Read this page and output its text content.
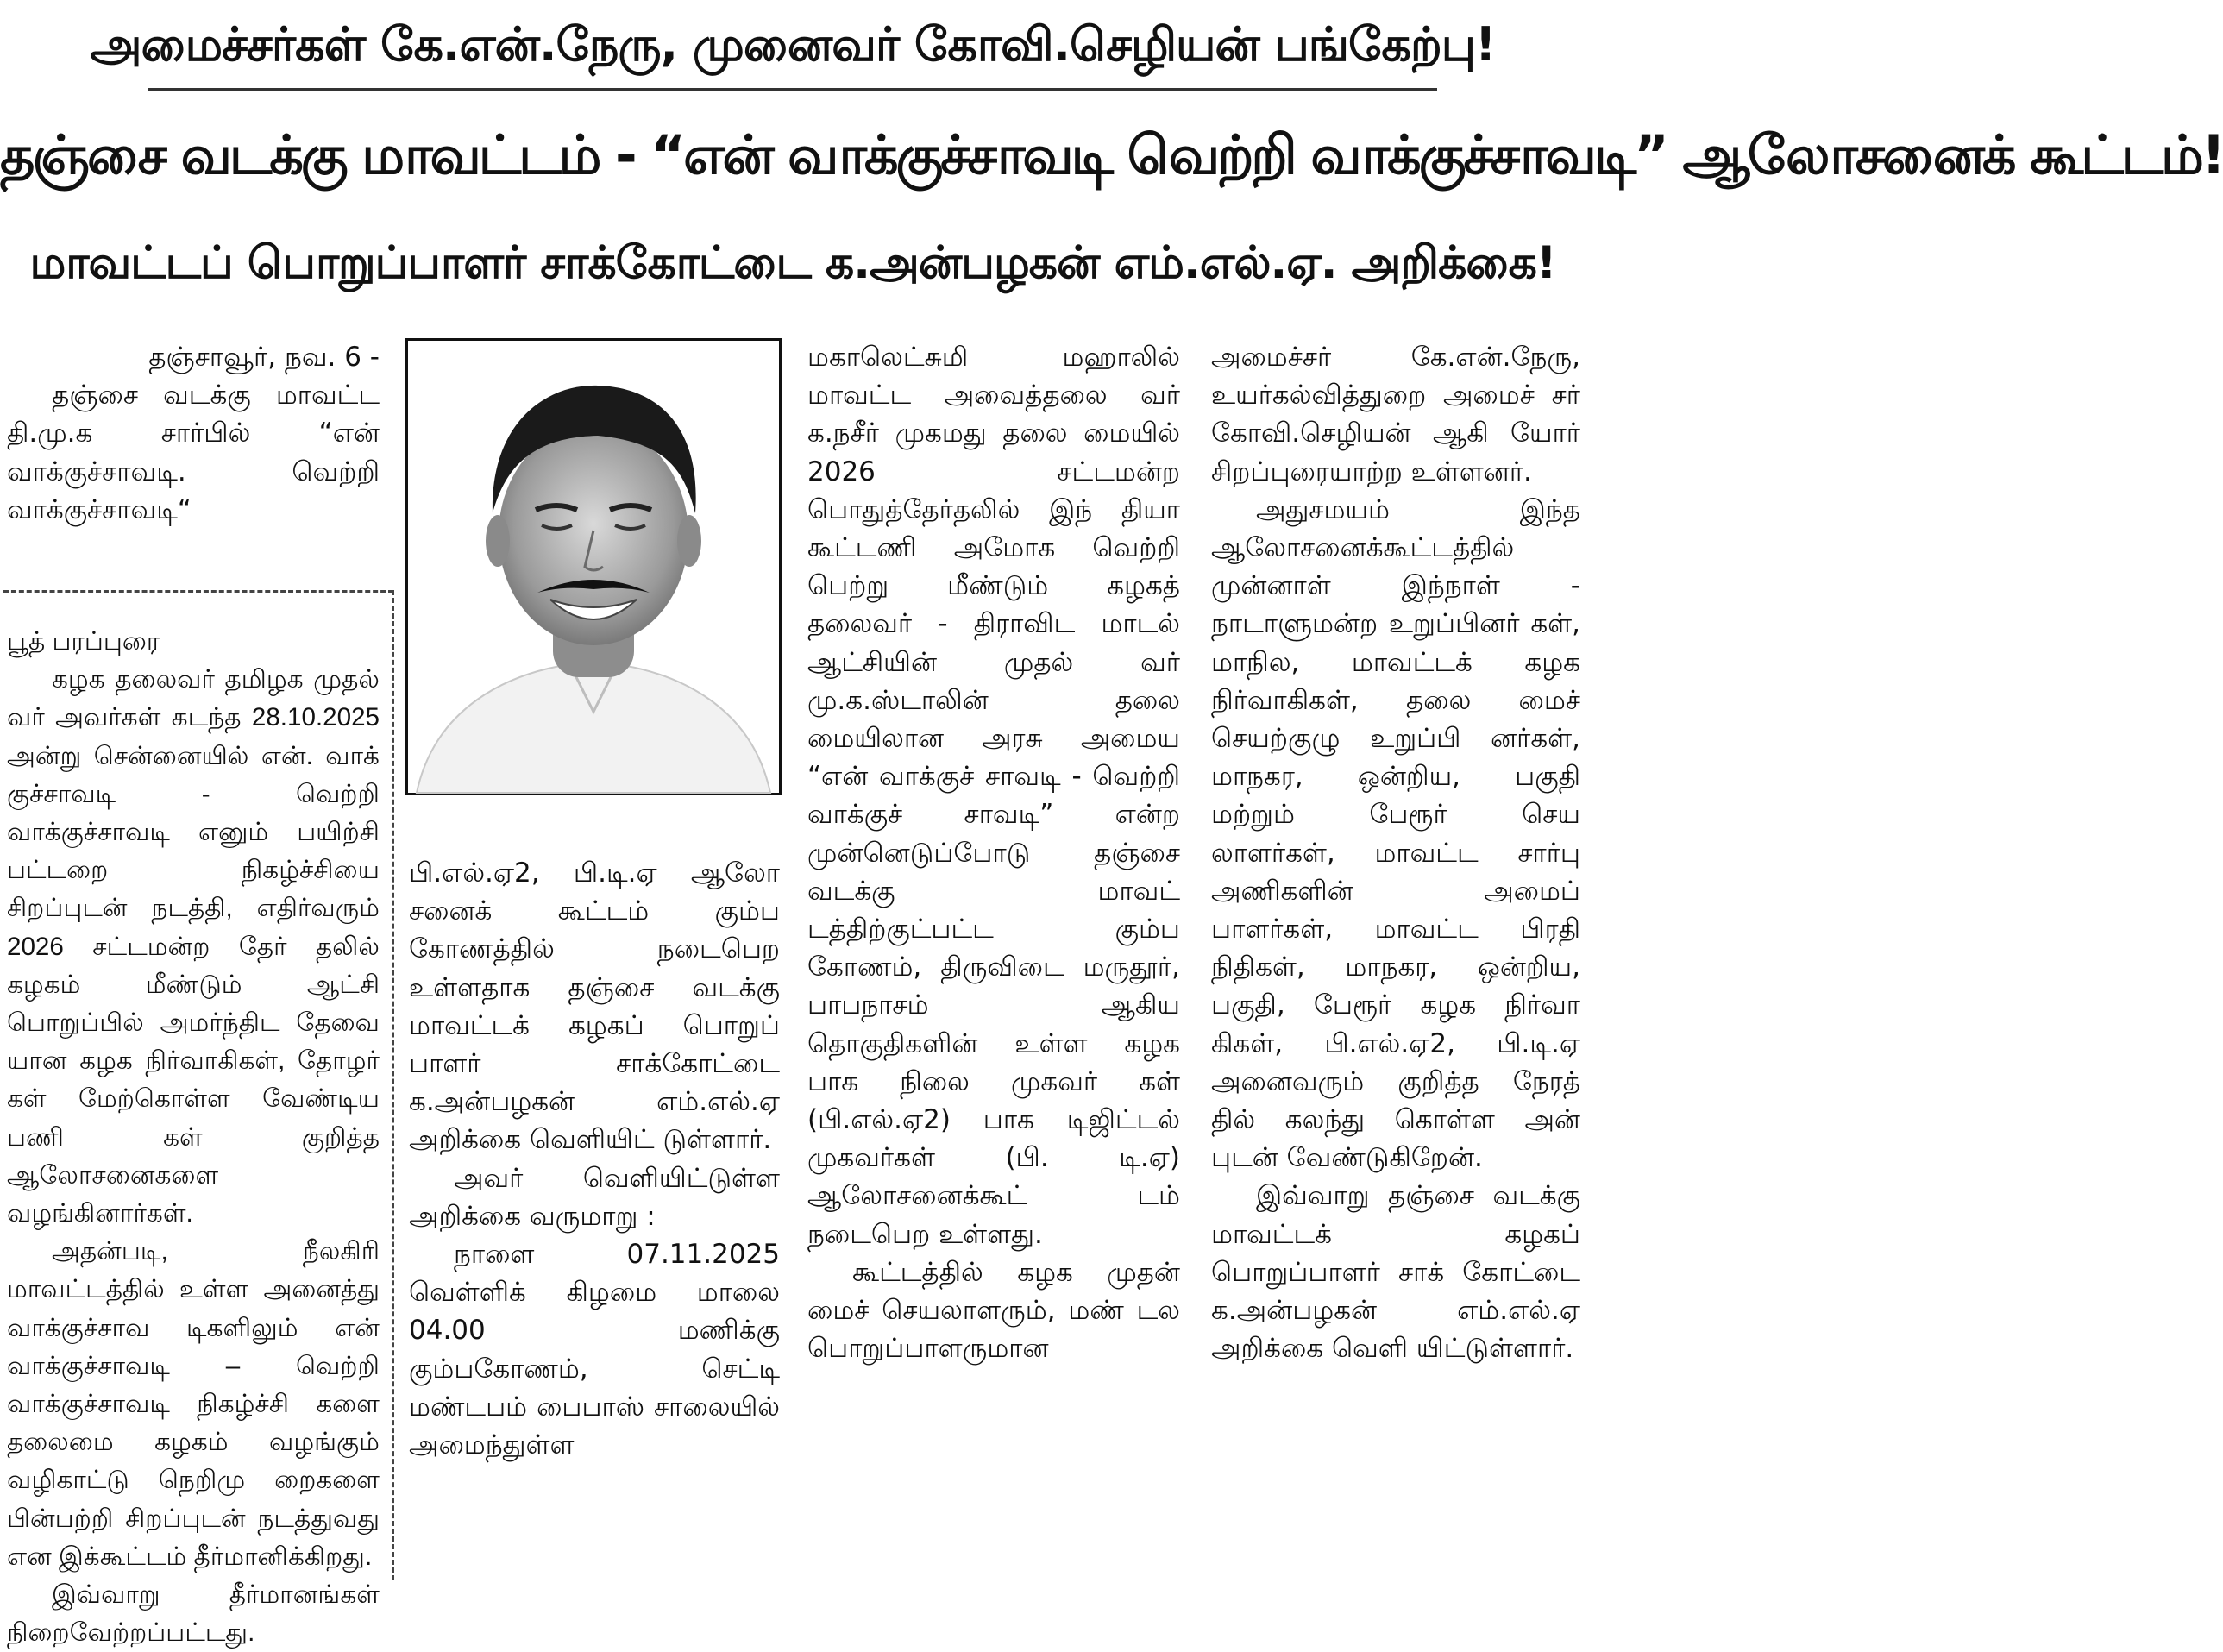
அமைச்சர்கள் கே.என்.நேரு, முனைவர் கோவி.செழியன் பங்கேற்பு!
தஞ்சை வடக்கு மாவட்டம் - “என் வாக்குச்சாவடி வெற்றி வாக்குச்சாவடி” ஆலோசனைக் கூட்டம்!
மாவட்டப் பொறுப்பாளர் சாக்கோட்டை க.அன்பழகன் எம்.எல்.ஏ. அறிக்கை!

தஞ்சாவூர், நவ. 6 -

தஞ்சை வடக்கு மாவட்ட தி.மு.க சார்பில் “என் வாக்குச்சாவடி. வெற்றி வாக்குச்சாவடி“

பூத் பரப்புரை

கழக தலைவர் தமிழக முதல் வர் அவர்கள் கடந்த 28.10.2025 அன்று சென்னையில் என். வாக் குச்சாவடி - வெற்றி வாக்குச்சாவடி எனும் பயிற்சி பட்டறை நிகழ்ச்சியை சிறப்புடன் நடத்தி, எதிர்வரும் 2026 சட்டமன்ற தேர் தலில் கழகம் மீண்டும் ஆட்சி பொறுப்பில் அமர்ந்திட தேவை யான கழக நிர்வாகிகள், தோழர் கள் மேற்கொள்ள வேண்டிய பணி கள் குறித்த ஆலோசனைகளை வழங்கினார்கள்.

அதன்படி, நீலகிரி மாவட்டத்தில் உள்ள அனைத்து வாக்குச்சாவ டிகளிலும் என் வாக்குச்சாவடி – வெற்றி வாக்குச்சாவடி நிகழ்ச்சி களை தலைமை கழகம் வழங்கும் வழிகாட்டு நெறிமு றைகளை பின்பற்றி சிறப்புடன் நடத்துவது என இக்கூட்டம் தீர்மானிக்கிறது.

இவ்வாறு தீர்மானங்கள் நிறைவேற்றப்பட்டது.

பி.எல்.ஏ2, பி.டி.ஏ ஆலோ சனைக் கூட்டம் கும்ப கோணத்தில் நடைபெற உள்ளதாக தஞ்சை வடக்கு மாவட்டக் கழகப் பொறுப் பாளர் சாக்கோட்டை க.அன்பழகன் எம்.எல்.ஏ அறிக்கை வெளியிட் டுள்ளார்.

அவர் வெளியிட்டுள்ள அறிக்கை வருமாறு :

நாளை 07.11.2025 வெள்ளிக் கிழமை மாலை 04.00 மணிக்கு கும்பகோணம், செட்டி மண்டபம் பைபாஸ் சாலையில் அமைந்துள்ள

மகாலெட்சுமி மஹாலில் மாவட்ட அவைத்தலை வர் க.நசீர் முகமது தலை மையில் 2026 சட்டமன்ற பொதுத்தேர்தலில் இந் தியா கூட்டணி அமோக வெற்றி பெற்று மீண்டும் கழகத் தலைவர் - திராவிட மாடல் ஆட்சியின் முதல் வர் மு.க.ஸ்டாலின் தலை மையிலான அரசு அமைய “என் வாக்குச் சாவடி - வெற்றி வாக்குச் சாவடி” என்ற முன்னெடுப்போடு தஞ்சை வடக்கு மாவட் டத்திற்குட்பட்ட கும்ப கோணம், திருவிடை மருதூர், பாபநாசம் ஆகிய தொகுதிகளின் உள்ள கழக பாக நிலை முகவர் கள் (பி.எல்.ஏ2) பாக டிஜிட்டல் முகவர்கள் (பி. டி.ஏ) ஆலோசனைக்கூட் டம் நடைபெற உள்ளது.

கூட்டத்தில் கழக முதன் மைச் செயலாளரும், மண் டல பொறுப்பாளருமான

அமைச்சர் கே.என்.நேரு, உயர்கல்வித்துறை அமைச் சர் கோவி.செழியன் ஆகி யோர் சிறப்புரையாற்ற உள்ளனர்.

அதுசமயம் இந்த ஆலோசனைக்கூட்டத்தில் முன்னாள் இந்நாள் - நாடாளுமன்ற உறுப்பினர் கள், மாநில, மாவட்டக் கழக நிர்வாகிகள், தலை மைச் செயற்குழு உறுப்பி னர்கள், மாநகர, ஒன்றிய, பகுதி மற்றும் பேரூர் செய லாளர்கள், மாவட்ட சார்பு அணிகளின் அமைப் பாளர்கள், மாவட்ட பிரதி நிதிகள், மாநகர, ஒன்றிய, பகுதி, பேரூர் கழக நிர்வா கிகள், பி.எல்.ஏ2, பி.டி.ஏ அனைவரும் குறித்த நேரத் தில் கலந்து கொள்ள அன் புடன் வேண்டுகிறேன்.

இவ்வாறு தஞ்சை வடக்கு மாவட்டக் கழகப் பொறுப்பாளர் சாக் கோட்டை க.அன்பழகன் எம்.எல்.ஏ அறிக்கை வெளி யிட்டுள்ளார்.
